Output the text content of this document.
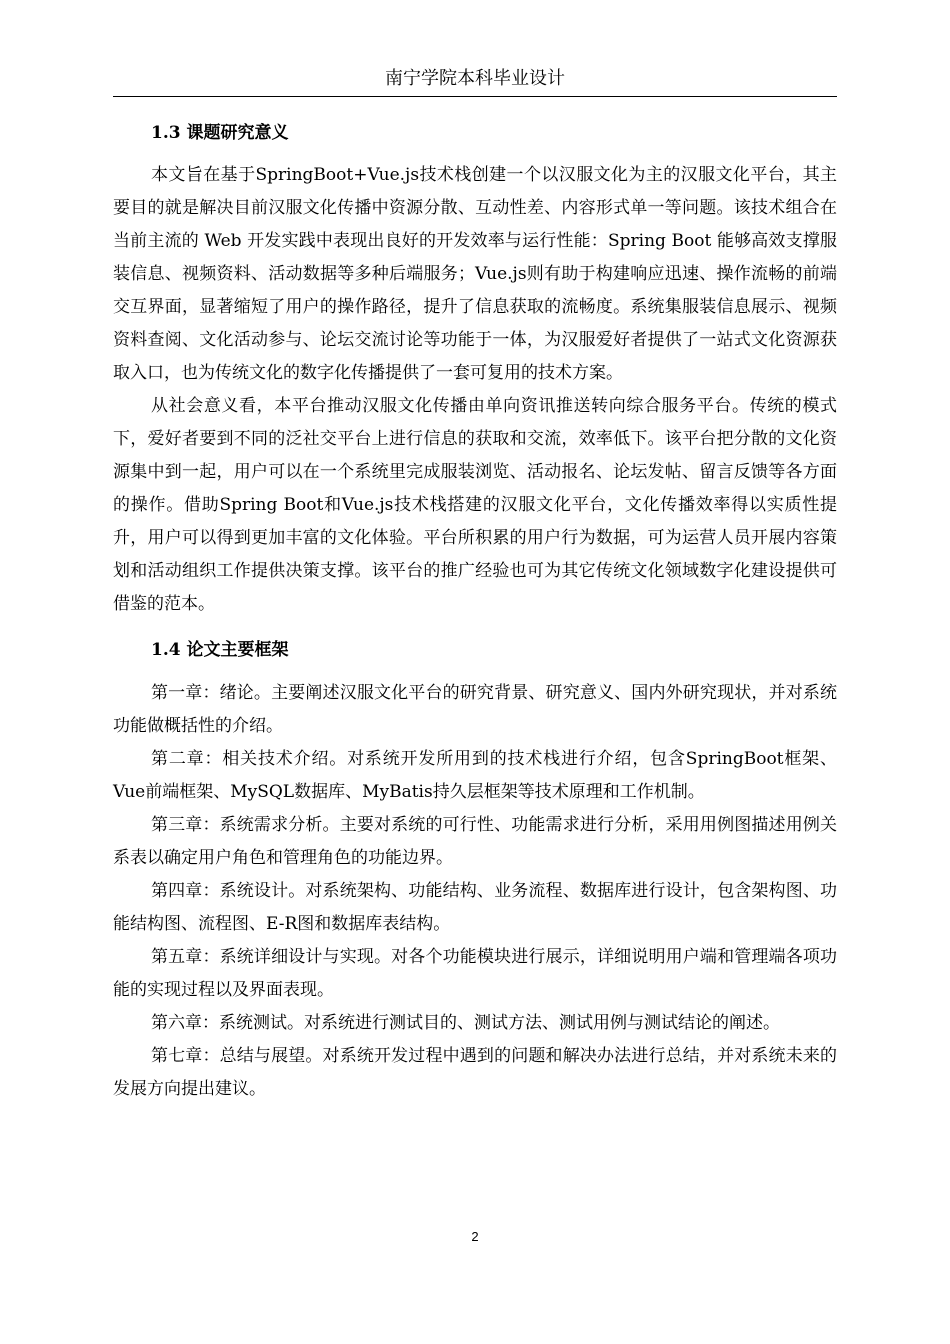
南宁学院本科毕业设计
1.3 课题研究意义

本文旨在基于SpringBoot+Vue.js技术栈创建一个以汉服文化为主的汉服文化平台，其主要目的就是解决目前汉服文化传播中资源分散、互动性差、内容形式单一等问题。该技术组合在当前主流的 Web 开发实践中表现出良好的开发效率与运行性能：Spring Boot 能够高效支撑服装信息、视频资料、活动数据等多种后端服务；Vue.js则有助于构建响应迅速、操作流畅的前端交互界面，显著缩短了用户的操作路径，提升了信息获取的流畅度。系统集服装信息展示、视频资料查阅、文化活动参与、论坛交流讨论等功能于一体，为汉服爱好者提供了一站式文化资源获取入口，也为传统文化的数字化传播提供了一套可复用的技术方案。

从社会意义看，本平台推动汉服文化传播由单向资讯推送转向综合服务平台。传统的模式下，爱好者要到不同的泛社交平台上进行信息的获取和交流，效率低下。该平台把分散的文化资源集中到一起，用户可以在一个系统里完成服装浏览、活动报名、论坛发帖、留言反馈等各方面的操作。借助Spring Boot和Vue.js技术栈搭建的汉服文化平台，文化传播效率得以实质性提升，用户可以得到更加丰富的文化体验。平台所积累的用户行为数据，可为运营人员开展内容策划和活动组织工作提供决策支撑。该平台的推广经验也可为其它传统文化领域数字化建设提供可借鉴的范本。

1.4 论文主要框架

第一章：绪论。主要阐述汉服文化平台的研究背景、研究意义、国内外研究现状，并对系统功能做概括性的介绍。

第二章：相关技术介绍。对系统开发所用到的技术栈进行介绍，包含SpringBoot框架、Vue前端框架、MySQL数据库、MyBatis持久层框架等技术原理和工作机制。

第三章：系统需求分析。主要对系统的可行性、功能需求进行分析，采用用例图描述用例关系表以确定用户角色和管理角色的功能边界。

第四章：系统设计。对系统架构、功能结构、业务流程、数据库进行设计，包含架构图、功能结构图、流程图、E-R图和数据库表结构。

第五章：系统详细设计与实现。对各个功能模块进行展示，详细说明用户端和管理端各项功能的实现过程以及界面表现。

第六章：系统测试。对系统进行测试目的、测试方法、测试用例与测试结论的阐述。

第七章：总结与展望。对系统开发过程中遇到的问题和解决办法进行总结，并对系统未来的发展方向提出建议。

2
